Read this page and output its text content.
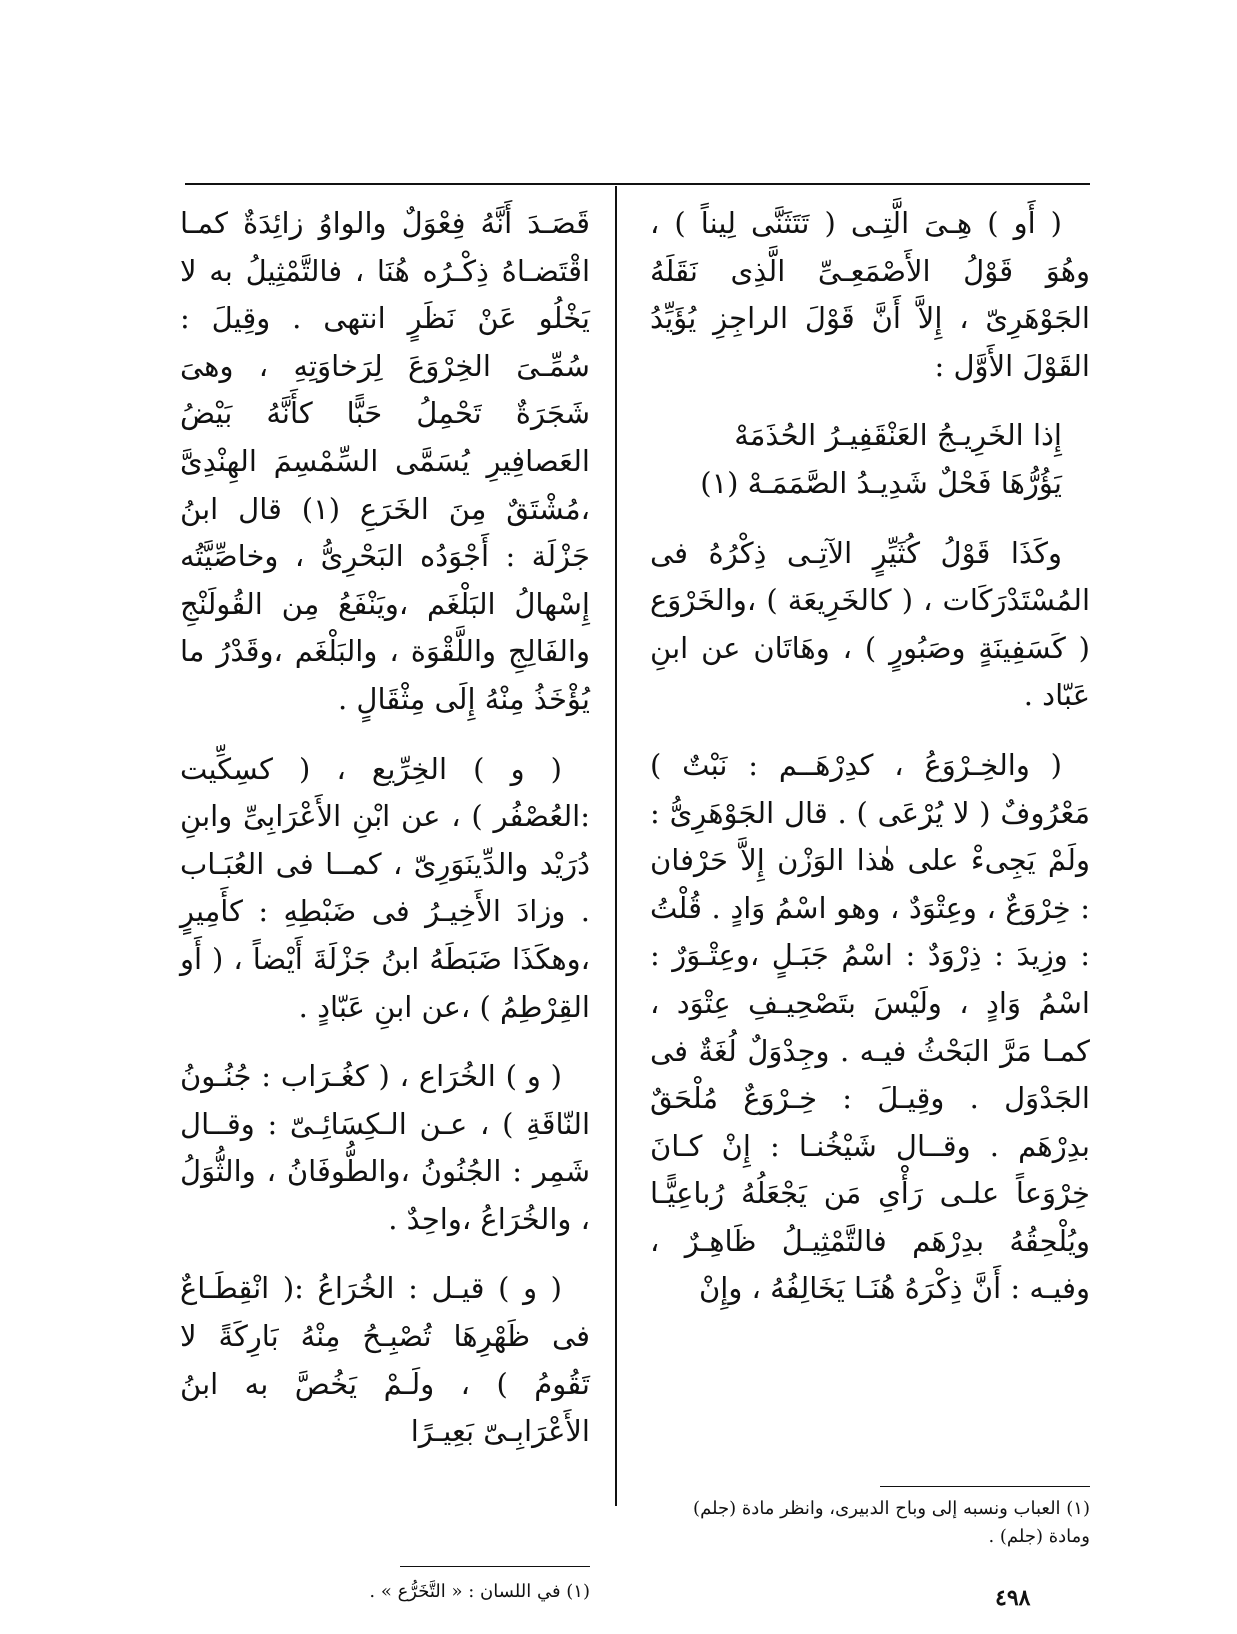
( أَو ) هِـىَ الَّتِـى ( تَتَثَنَّى لِيناً ) ، وهُوَ قَوْلُ الأَصْمَعِـىِّ الَّذِى نَقَلَهُ الجَوْهَرِىّ ، إِلاَّ أَنَّ قَوْلَ الراجِزِ يُؤَيِّدُ القَوْلَ الأَوَّل :

إِذا الخَرِيـجُ العَنْقَفِيـرُ الحُذَمَهْ

يَؤُرُّهَا فَحْلٌ شَدِيـدُ الصَّمَمَـهْ (١)

وكَذَا قَوْلُ كُثَيِّرٍ الآتِـى ذِكْرُهُ فى المُسْتَدْرَكَات ، ( كالخَرِيعَة ) ،والخَرْوَع ( كَسَفِينَةٍ وصَبُورٍ ) ، وهَاتَان عن ابنِ عَبّاد .

( والخِـرْوَعُ ، كدِرْهَــم : نَبْتٌ ) مَعْرُوفٌ ( لا يُرْعَى ) . قال الجَوْهَرِىُّ : ولَمْ يَجِىءْ على هٰذا الوَزْن إِلاَّ حَرْفان : خِرْوَعٌ ، وعِتْوَدٌ ، وهو اسْمُ وَادٍ . قُلْتُ : وزِيدَ : ذِرْوَدٌ : اسْمُ جَبَـلٍ ،وعِتْـوَرٌ : اسْمُ وَادٍ ، ولَيْسَ بتَصْحِيـفِ عِتْوَد ، كمـا مَرَّ البَحْثُ فيـه . وجِدْوَلٌ لُغَةٌ فى الجَدْوَل . وقِيـلَ : خِـرْوَعٌ مُلْحَقٌ بدِرْهَم . وقــال شَيْخُنـا : إِنْ كـانَ خِرْوَعاً علـى رَأْىِ مَن يَجْعَلُهُ رُباعِيًّـا ويُلْحِقُهُ بدِرْهَم فالتَّمْثِيـلُ ظَاهِـرٌ ، وفيـه : أَنَّ ذِكْرَهُ هُنَـا يَخَالِفُهُ ، وإِنْ

قَصَـدَ أَنَّهُ فِعْوَلٌ والواوُ زائِدَةٌ كمـا اقْتَضـاهُ ذِكْـرُه هُنَا ، فالتَّمْثِيلُ به لا يَخْلُو عَنْ نَظَرٍ انتهى . وقِيلَ : سُمِّـىَ الخِرْوَعَ لِرَخاوَتِهِ ، وهىَ شَجَرَةٌ تَحْمِلُ حَبًّا كأَنَّهُ بَيْضُ العَصافِيرِ يُسَمَّى السِّمْسِمَ الهِنْدِىَّ ،مُشْتَقٌ مِنَ الخَرَعِ (١) قال ابنُ جَزْلَة : أَجْوَدُه البَحْرِىُّ ، وخاصِّيَّتُه إِسْهالُ البَلْغَم ،ويَنْفَعُ مِن القُولَنْجِ والفَالِجِ واللَّقْوَة ، والبَلْغَم ،وقَدْرُ ما يُؤْخَذُ مِنْهُ إِلَى مِثْقَالٍ .

( و ) الخِرِّيع ، ( كسِكِّيت :العُصْفُر ) ، عن ابْنِ الأَعْرَابِىِّ وابنِ دُرَيْد والدِّينَوَرِىّ ، كمــا فى العُبَـاب . وزادَ الأَخِيـرُ فى ضَبْطِهِ : كأَمِيرٍ ،وهكَذَا ضَبَطَهُ ابنُ جَزْلَةَ أَيْضاً ، ( أَو القِرْطِمُ ) ،عن ابنِ عَبّادٍ .

( و ) الخُرَاع ، ( كغُـرَاب : جُنُـونُ النّاقَةِ ) ، عـن الـكِسَائِـىّ : وقــال شَمِر : الجُنُونُ ،والطُّوفَانُ ، والثُّوَلُ ، والخُرَاعُ ،واحِدٌ .

( و ) قيـل : الخُرَاعُ :( انْقِطَـاعٌ فى ظَهْرِهَا تُصْبِـحُ مِنْهُ بَارِكَةً لا تَقُومُ ) ، ولَـمْ يَخُصَّ به ابنُ الأَعْرَابِـىّ بَعِيـرًا

(١) العباب ونسبه إلى وباح الدبيرى، وانظر مادة (جلم) ومادة (جلم) .
(١) في اللسان : « التَّخَرُّع » .	٤٩٨
